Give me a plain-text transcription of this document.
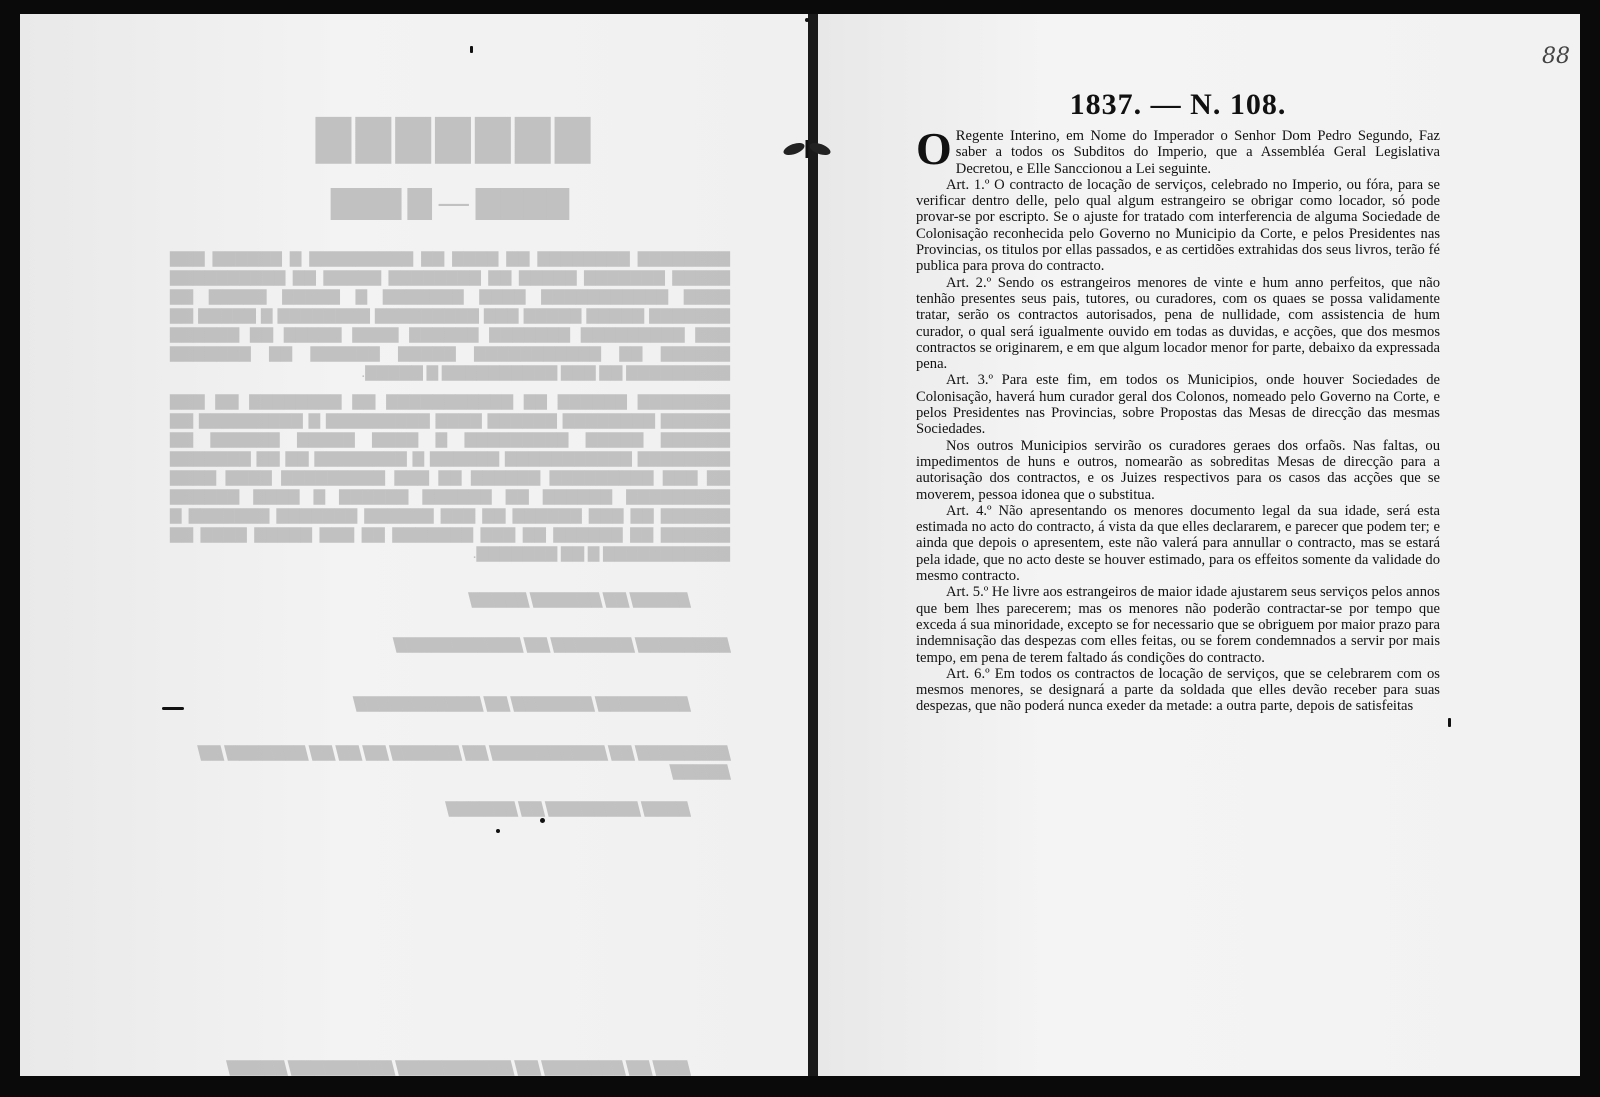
▇▇▇▇▇▇▇
▇▇▇▇ — ▇ ▇▇▇

▇▇▇▇▇▇▇▇ ▇▇▇▇▇▇▇▇ ▇▇ ▇▇▇▇ ▇▇ ▇▇▇▇▇▇▇▇▇ ▇ ▇▇▇▇▇▇ ▇▇▇ ▇▇▇▇▇ ▇▇▇▇▇▇▇ ▇▇▇▇▇ ▇▇ ▇▇▇▇▇▇▇▇ ▇▇▇▇▇ ▇▇ ▇▇▇▇▇▇▇▇▇▇ ▇▇▇▇ ▇▇▇▇▇▇▇▇▇▇▇ ▇▇▇▇ ▇▇▇▇▇▇▇ ▇ ▇▇▇▇▇ ▇▇▇▇▇ ▇▇ ▇▇▇▇▇▇▇ ▇▇▇▇▇ ▇▇▇▇▇ ▇▇▇ ▇▇▇▇▇▇▇▇▇ ▇▇▇▇▇▇▇▇ ▇ ▇▇▇▇▇ ▇▇ ▇▇▇ ▇▇▇▇▇▇▇▇▇ ▇▇▇▇▇▇▇ ▇▇▇▇▇▇ ▇▇▇▇ ▇▇▇▇▇ ▇▇ ▇▇▇▇▇▇ ▇▇▇▇▇▇ ▇▇ ▇▇▇▇▇▇▇▇▇▇▇ ▇▇▇▇▇ ▇▇▇▇▇▇ ▇▇ ▇▇▇▇▇▇▇ ▇▇▇▇▇▇▇▇▇ ▇▇ ▇▇▇ ▇▇▇▇▇▇▇▇▇▇ ▇ ▇▇▇▇▇.

▇▇▇▇▇▇▇▇ ▇▇▇▇▇▇ ▇▇ ▇▇▇▇▇▇▇▇▇▇▇ ▇▇ ▇▇▇▇▇▇▇▇ ▇▇ ▇▇▇ ▇▇▇▇▇▇ ▇▇▇▇▇▇▇▇ ▇▇▇▇▇▇ ▇▇▇▇ ▇▇▇▇▇▇▇▇▇ ▇ ▇▇▇▇▇▇▇▇▇ ▇▇ ▇▇▇▇▇▇ ▇▇▇▇▇ ▇▇▇▇▇▇▇▇▇ ▇ ▇▇▇▇ ▇▇▇▇▇ ▇▇▇▇▇▇ ▇▇ ▇▇▇▇▇▇▇▇ ▇▇▇▇▇▇▇▇▇▇▇ ▇▇▇▇▇▇ ▇ ▇▇▇▇▇▇▇▇ ▇▇ ▇▇ ▇▇▇▇▇▇▇ ▇▇ ▇▇▇ ▇▇▇▇▇▇▇▇▇ ▇▇▇▇▇▇ ▇▇ ▇▇▇ ▇▇▇▇▇▇▇▇▇ ▇▇▇▇ ▇▇▇▇ ▇▇▇▇▇▇▇▇▇ ▇▇▇▇▇▇ ▇▇ ▇▇▇▇▇▇ ▇▇▇▇▇▇ ▇ ▇▇▇▇ ▇▇▇▇▇▇ ▇▇▇▇▇▇ ▇▇ ▇▇▇ ▇▇▇▇▇▇ ▇▇ ▇▇▇ ▇▇▇▇▇▇ ▇▇▇▇▇▇▇ ▇▇▇▇▇▇▇ ▇ ▇▇▇▇▇▇ ▇▇ ▇▇▇▇▇▇ ▇▇ ▇▇▇ ▇▇▇▇▇▇▇ ▇▇ ▇▇▇ ▇▇▇▇▇ ▇▇▇▇ ▇▇ ▇▇▇▇▇▇▇▇▇▇▇ ▇ ▇▇ ▇▇▇▇▇▇▇.

▇▇▇▇▇ ▇▇ ▇▇▇▇▇▇ ▇▇▇▇▇
▇▇▇▇▇▇▇▇ ▇▇▇▇▇▇▇ ▇▇ ▇▇▇▇▇▇▇▇▇▇▇
▇▇▇▇▇▇▇▇ ▇▇▇▇▇▇▇ ▇▇ ▇▇▇▇▇▇▇▇▇▇▇
▇▇▇▇▇▇▇▇ ▇▇ ▇▇▇▇▇▇▇▇▇▇ ▇▇ ▇▇▇▇▇▇ ▇▇ ▇▇ ▇▇ ▇▇▇▇▇▇▇ ▇▇ ▇▇▇▇▇
▇▇▇▇ ▇▇▇▇▇▇▇▇ ▇▇ ▇▇▇▇▇▇
▇▇▇ ▇▇ ▇▇▇▇▇▇▇ ▇▇ ▇▇▇▇▇▇▇▇▇▇ ▇▇▇▇▇▇▇▇▇ ▇▇▇▇▇
88
1837. — N. 108.

O Regente Interino, em Nome do Imperador o Senhor Dom Pedro Segundo, Faz saber a todos os Subditos do Imperio, que a Assembléa Geral Legislativa Decretou, e Elle Sanccionou a Lei seguinte.

Art. 1.º O contracto de locação de serviços, celebrado no Imperio, ou fóra, para se verificar dentro delle, pelo qual algum estrangeiro se obrigar como locador, só pode provar-se por escripto. Se o ajuste for tratado com interferencia de alguma Sociedade de Colonisação reconhecida pelo Governo no Municipio da Corte, e pelos Presidentes nas Provincias, os titulos por ellas passados, e as certidões extrahidas dos seus livros, terão fé publica para prova do contracto.

Art. 2.º Sendo os estrangeiros menores de vinte e hum anno perfeitos, que não tenhão presentes seus pais, tutores, ou curadores, com os quaes se possa validamente tratar, serão os contractos autorisados, pena de nullidade, com assistencia de hum curador, o qual será igualmente ouvido em todas as duvidas, e acções, que dos mesmos contractos se originarem, e em que algum locador menor for parte, debaixo da expressada pena.

Art. 3.º Para este fim, em todos os Municipios, onde houver Sociedades de Colonisação, haverá hum curador geral dos Colonos, nomeado pelo Governo na Corte, e pelos Presidentes nas Provincias, sobre Propostas das Mesas de direcção das mesmas Sociedades.

Nos outros Municipios servirão os curadores geraes dos orfaõs. Nas faltas, ou impedimentos de huns e outros, nomearão as sobreditas Mesas de direcção para a autorisação dos contractos, e os Juizes respectivos para os casos das acções que se moverem, pessoa idonea que o substitua.

Art. 4.º Não apresentando os menores documento legal da sua idade, será esta estimada no acto do contracto, á vista da que elles declararem, e parecer que podem ter; e ainda que depois o apresentem, este não valerá para annullar o contracto, mas se estará pela idade, que no acto deste se houver estimado, para os effeitos somente da validade do mesmo contracto.

Art. 5.º He livre aos estrangeiros de maior idade ajustarem seus serviços pelos annos que bem lhes parecerem; mas os menores não poderão contractar-se por tempo que exceda á sua minoridade, excepto se for necessario que se obriguem por maior prazo para indemnisação das despezas com elles feitas, ou se forem condemnados a servir por mais tempo, em pena de terem faltado ás condições do contracto.

Art. 6.º Em todos os contractos de locação de serviços, que se celebrarem com os mesmos menores, se designará a parte da soldada que elles devão receber para suas despezas, que não poderá nunca exeder da metade: a outra parte, depois de satisfeitas
